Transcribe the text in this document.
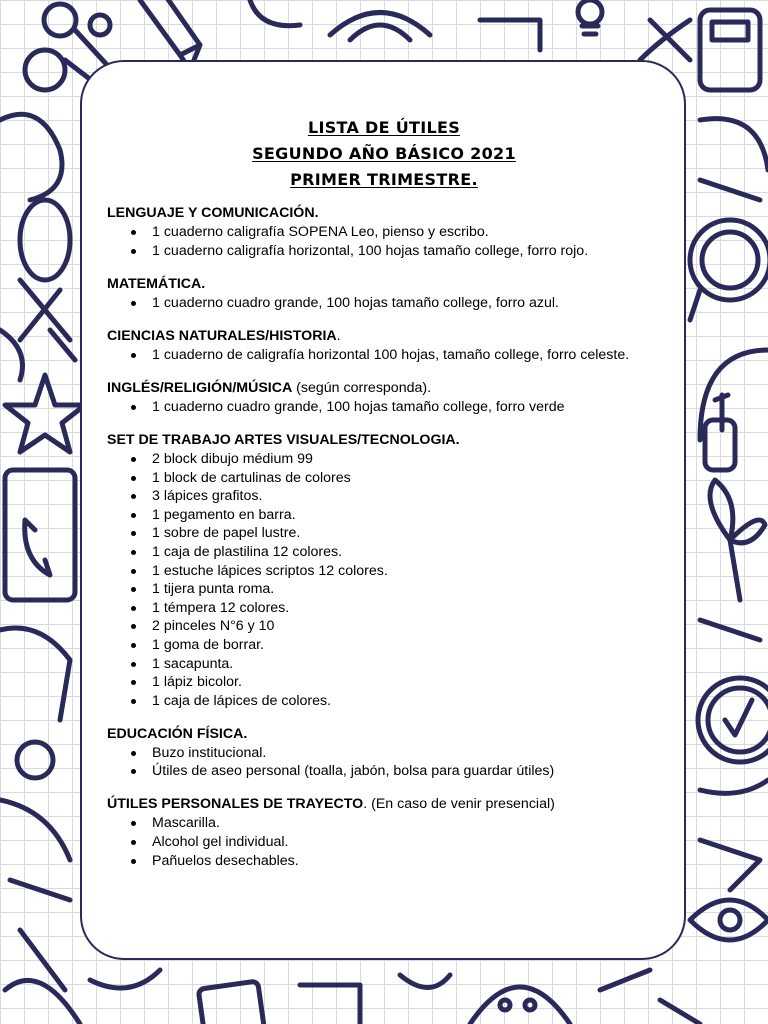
LISTA DE ÚTILES
SEGUNDO AÑO BÁSICO 2021
PRIMER TRIMESTRE.
LENGUAJE Y COMUNICACIÓN.
1 cuaderno caligrafía SOPENA Leo, pienso y escribo.
1 cuaderno caligrafía horizontal, 100 hojas tamaño college, forro rojo.
MATEMÁTICA.
1 cuaderno cuadro grande, 100 hojas tamaño college, forro azul.
CIENCIAS NATURALES/HISTORIA.
1 cuaderno de caligrafía horizontal 100 hojas, tamaño college, forro celeste.
INGLÉS/RELIGIÓN/MÚSICA (según corresponda).
1 cuaderno cuadro grande, 100 hojas tamaño college, forro verde
SET DE TRABAJO ARTES VISUALES/TECNOLOGIA.
2 block dibujo médium 99
1 block de cartulinas de colores
3 lápices grafitos.
1 pegamento en barra.
1 sobre de papel lustre.
1 caja de plastilina 12 colores.
1 estuche lápices scriptos 12 colores.
1 tijera punta roma.
1 témpera 12 colores.
2 pinceles N°6 y 10
1 goma de borrar.
1 sacapunta.
1 lápiz bicolor.
1 caja de lápices de colores.
EDUCACIÓN FÍSICA.
Buzo institucional.
Útiles de aseo personal (toalla, jabón, bolsa para guardar útiles)
ÚTILES PERSONALES DE TRAYECTO. (En caso de venir presencial)
Mascarilla.
Alcohol gel individual.
Pañuelos desechables.
